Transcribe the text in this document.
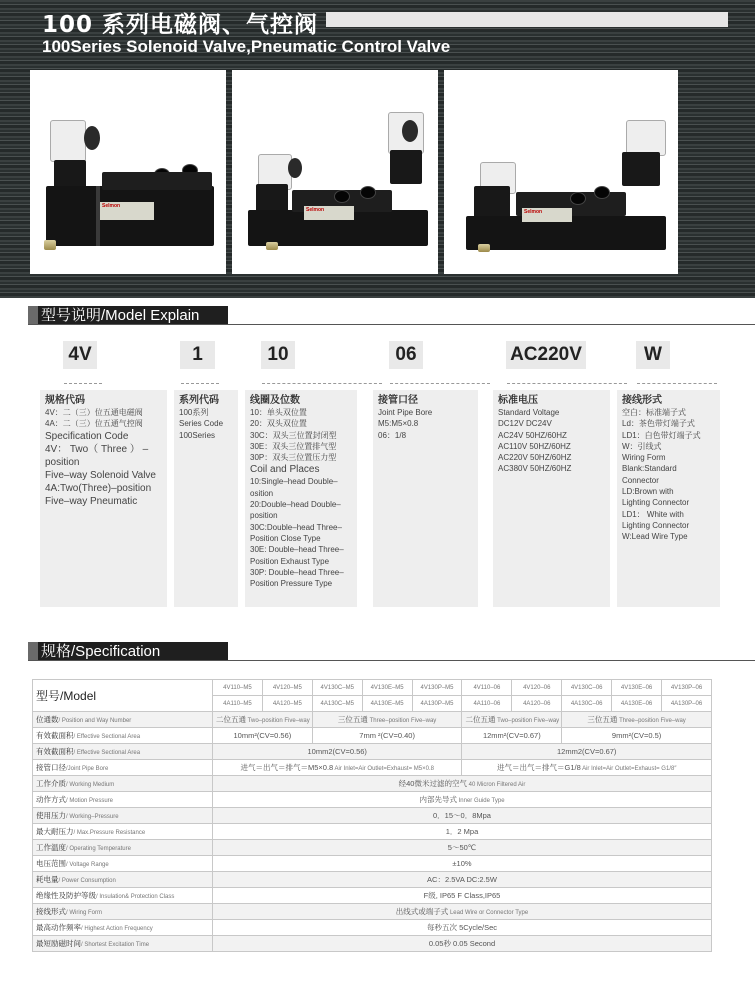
100 系列电磁阀、气控阀
100Series Solenoid Valve,Pneumatic Control Valve
Selmon
Selmon	Selmon
型号说明/Model Explain
4V	1	10	06	AC220V	W
规格代码
4V：二（三）位五通电磁阀
4A：二（三）位五通气控阀
Specification Code
4V： Two（ Three ） –
position
Five–way Solenoid Valve
4A:Two(Three)–position
Five–way Pneumatic
系列代码
100系列
Series Code
100Series
线圈及位数
10：单头双位置
20：双头双位置
30C：双头三位置封闭型
30E：双头三位置排气型
30P：双头三位置压力型
Coil and Places
10:Single–head Double–
osition
20:Double–head Double–
position
30C:Double–head Three–
Position Close Type
30E: Double–head Three–
Position Exhaust Type
30P: Double–head Three–
Position Pressure Type
接管口径
Joint Pipe Bore
M5:M5×0.8
06：1/8
标准电压
Standard Voltage
DC12V DC24V
AC24V 50HZ/60HZ
AC110V 50HZ/60HZ
AC220V 50HZ/60HZ
AC380V 50HZ/60HZ
接线形式
空白：标准端子式
Ld：茶色带灯端子式
LD1：白色带灯端子式
W：引线式
Wiring Form
Blank:Standard
Connector
LD:Brown with
Lighting Connector
LD1： White with
Lighting Connector
W:Lead Wire Type
规格/Specification
型号/Model	4V110–M5	4V120–M5	4V130C–M5	4V130E–M5	4V130P–M5	4V110–06	4V120–06	4V130C–06	4V130E–06	4V130P–06
	4A110–M5	4A120–M5	4A130C–M5	4A130E–M5	4A130P–M5	4A110–06	4A120–06	4A130C–06	4A130E–06	4A130P–06
位通数/ Position and Way Number	二位五通 Two–position Five–way		三位五通 Three–position Five–way			二位五通 Two–position Five–way		三位五通 Three–position Five–way		
有效截面积/ Effective Sectional Area	10mm²(CV=0.56)		7mm ²(CV=0.40)			12mm²(CV=0.67)		9mm²(CV=0.5)		
有效截面积/ Effective Sectional Area	10mm2(CV=0.56)					12mm2(CV=0.67)				
接管口径/Joint Pipe Bore	进气＝出气＝排气＝M5×0.8 Air Inlet=Air Outlet=Exhaust= M5×0.8					进气＝出气＝排气＝G1/8 Air Inlet=Air Outlet=Exhaust= G1/8″				
工作介质/ Working Medium	经40微米过滤的空气 40 Micron Filtered Air									
动作方式/ Motion Pressure	内部先导式 Inner Guide Type									
使用压力/ Working–Pressure	0．15～0．8Mpa									
最大耐压力/ Max.Pressure Resistance	1．2 Mpa									
工作温度/ Operating Temperature	5～50℃									
电压范围/ Voltage Range	±10%									
耗电量/ Power Consumption	AC：2.5VA DC:2.5W									
绝缘性及防护等级/ Insulation& Protection Class	F级, IP65 F Class,IP65									
接线形式/ Wiring Form	出线式或端子式 Lead Wire or Connector Type									
最高动作频率/ Highest Action Frequency	每秒五次 5Cycle/Sec									
最短励磁时间/ Shortest Excitation Time	0.05秒 0.05 Second									
